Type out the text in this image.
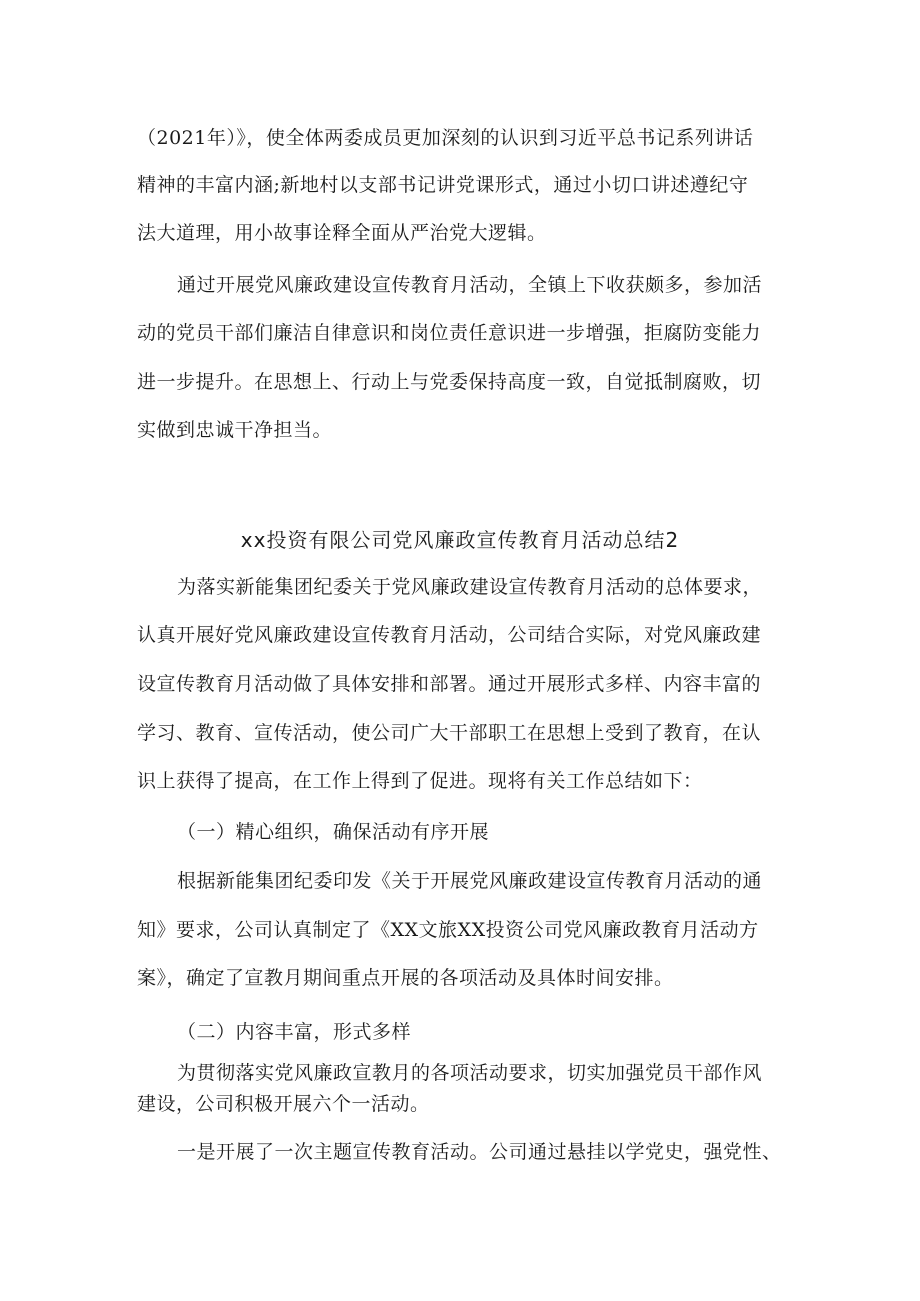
（2021年）》，使全体两委成员更加深刻的认识到习近平总书记系列讲话
精神的丰富内涵;新地村以支部书记讲党课形式，通过小切口讲述遵纪守
法大道理，用小故事诠释全面从严治党大逻辑。
通过开展党风廉政建设宣传教育月活动，全镇上下收获颇多，参加活
动的党员干部们廉洁自律意识和岗位责任意识进一步增强，拒腐防变能力
进一步提升。在思想上、行动上与党委保持高度一致，自觉抵制腐败，切
实做到忠诚干净担当。
xx投资有限公司党风廉政宣传教育月活动总结2
为落实新能集团纪委关于党风廉政建设宣传教育月活动的总体要求，
认真开展好党风廉政建设宣传教育月活动，公司结合实际，对党风廉政建
设宣传教育月活动做了具体安排和部署。通过开展形式多样、内容丰富的
学习、教育、宣传活动，使公司广大干部职工在思想上受到了教育，在认
识上获得了提高，在工作上得到了促进。现将有关工作总结如下：
（一）精心组织，确保活动有序开展
根据新能集团纪委印发《关于开展党风廉政建设宣传教育月活动的通
知》要求，公司认真制定了《XX文旅XX投资公司党风廉政教育月活动方
案》，确定了宣教月期间重点开展的各项活动及具体时间安排。
（二）内容丰富，形式多样
为贯彻落实党风廉政宣教月的各项活动要求，切实加强党员干部作风
建设，公司积极开展六个一活动。
一是开展了一次主题宣传教育活动。公司通过悬挂以学党史，强党性、
